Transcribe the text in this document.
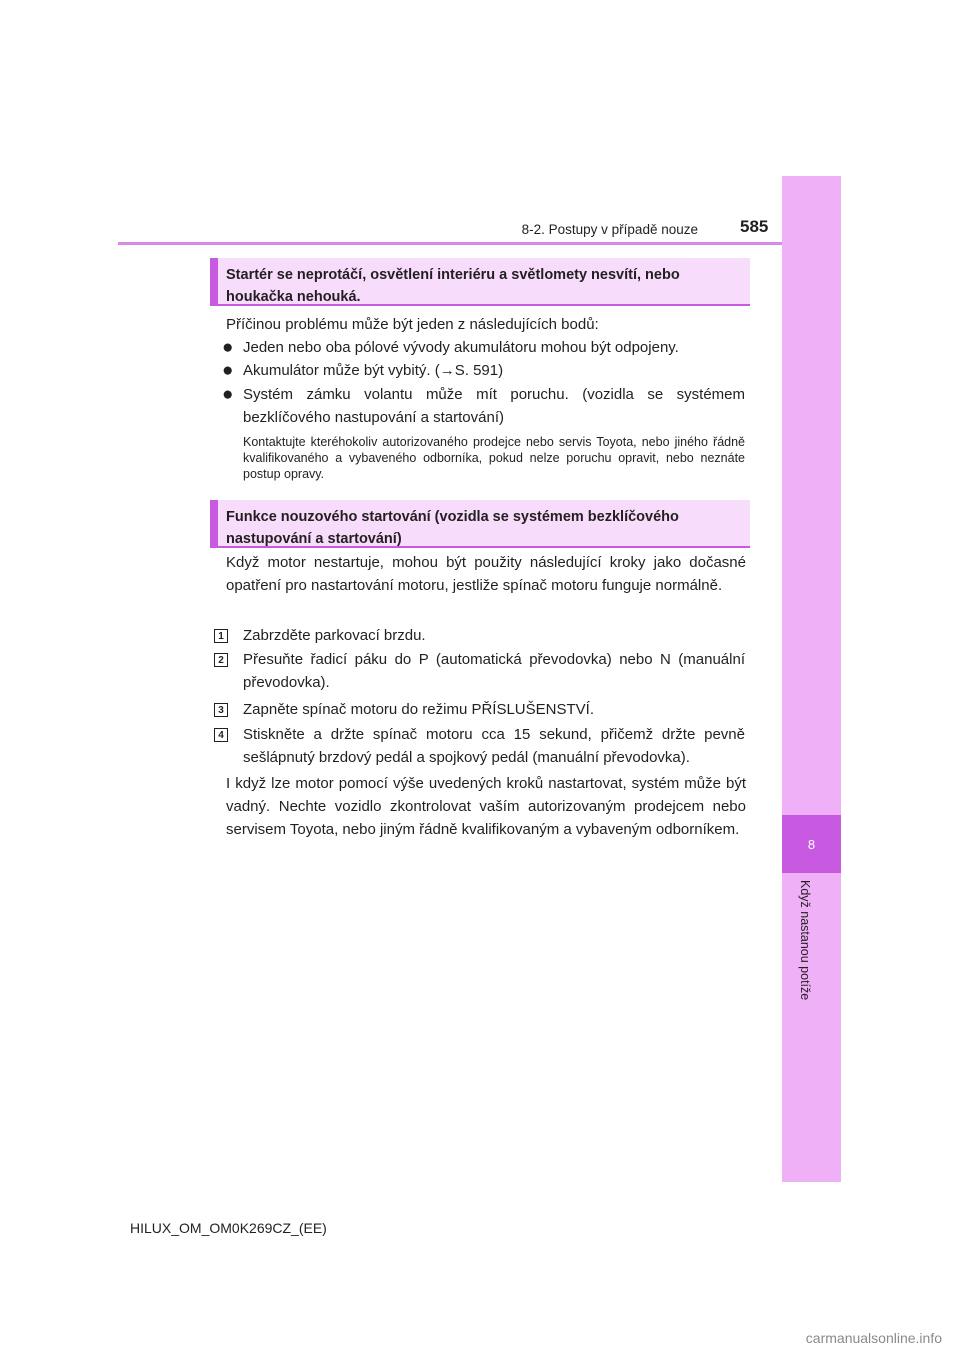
8
Když nastanou potíže
8-2. Postupy v případě nouze 585
Startér se neprotáčí, osvětlení interiéru a světlomety nesvítí, nebo houkačka nehouká.
Příčinou problému může být jeden z následujících bodů:
● Jeden nebo oba pólové vývody akumulátoru mohou být odpojeny.
● Akumulátor může být vybitý. (→S. 591)
● Systém zámku volantu může mít poruchu. (vozidla se systémem bezklíčového nastupování a startování)
Kontaktujte kteréhokoliv autorizovaného prodejce nebo servis Toyota, nebo jiného řádně kvalifikovaného a vybaveného odborníka, pokud nelze poruchu opravit, nebo neznáte postup opravy.
Funkce nouzového startování (vozidla se systémem bezklíčového nastupování a startování)
Když motor nestartuje, mohou být použity následující kroky jako dočasné opatření pro nastartování motoru, jestliže spínač motoru funguje normálně.
1 Zabrzděte parkovací brzdu.
2 Přesuňte řadicí páku do P (automatická převodovka) nebo N (manuální převodovka).
3 Zapněte spínač motoru do režimu PŘÍSLUŠENSTVÍ.
4 Stiskněte a držte spínač motoru cca 15 sekund, přičemž držte pevně sešlápnutý brzdový pedál a spojkový pedál (manuální převodovka).
I když lze motor pomocí výše uvedených kroků nastartovat, systém může být vadný. Nechte vozidlo zkontrolovat vaším autorizovaným prodejcem nebo servisem Toyota, nebo jiným řádně kvalifikovaným a vybaveným odborníkem.
HILUX_OM_OM0K269CZ_(EE)
carmanualsonline.info
